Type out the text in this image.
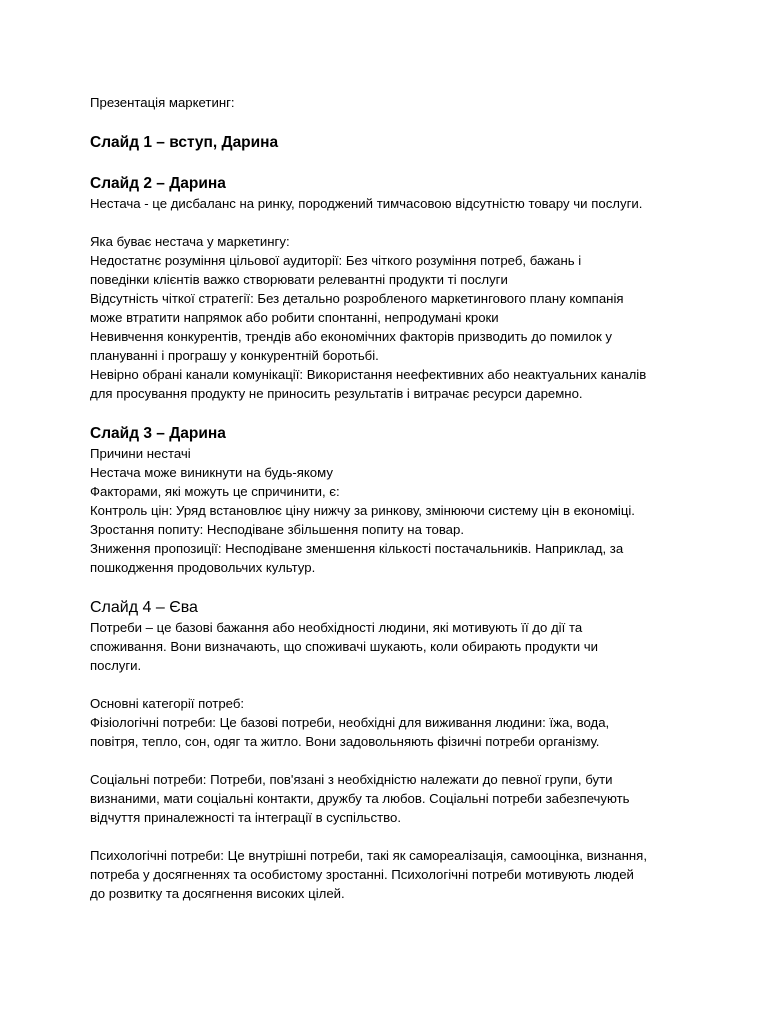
Презентація маркетинг:
Слайд 1 – вступ, Дарина
Слайд 2 – Дарина
Нестача - це дисбаланс на ринку, породжений тимчасовою відсутністю товару чи послуги.
Яка буває нестача у маркетингу:
Недостатнє розуміння цільової аудиторії: Без чіткого розуміння потреб, бажань і
поведінки клієнтів важко створювати релевантні продукти ті послуги
Відсутність чіткої стратегії: Без детально розробленого маркетингового плану компанія
може втратити напрямок або робити спонтанні, непродумані кроки
Невивчення конкурентів, трендів або економічних факторів призводить до помилок у
плануванні і програшу у конкурентній боротьбі.
Невірно обрані канали комунікації: Використання неефективних або неактуальних каналів
для просування продукту не приносить результатів і витрачає ресурси даремно.
Слайд 3 – Дарина
Причини нестачі
Нестача може виникнути на будь-якому
Факторами, які можуть це спричинити, є:
Контроль цін: Уряд встановлює ціну нижчу за ринкову, змінюючи систему цін в економіці.
Зростання попиту: Несподіване збільшення попиту на товар.
Зниження пропозиції: Несподіване зменшення кількості постачальників. Наприклад, за
пошкодження продовольчих культур.
Слайд 4 – Єва
Потреби – це базові бажання або необхідності людини, які мотивують її до дії та
споживання. Вони визначають, що споживачі шукають, коли обирають продукти чи
послуги.
Основні категорії потреб:
Фізіологічні потреби: Це базові потреби, необхідні для виживання людини: їжа, вода,
повітря, тепло, сон, одяг та житло. Вони задовольняють фізичні потреби організму.
Соціальні потреби: Потреби, пов'язані з необхідністю належати до певної групи, бути
визнаними, мати соціальні контакти, дружбу та любов. Соціальні потреби забезпечують
відчуття приналежності та інтеграції в суспільство.
Психологічні потреби: Це внутрішні потреби, такі як самореалізація, самооцінка, визнання,
потреба у досягненнях та особистому зростанні. Психологічні потреби мотивують людей
до розвитку та досягнення високих цілей.
